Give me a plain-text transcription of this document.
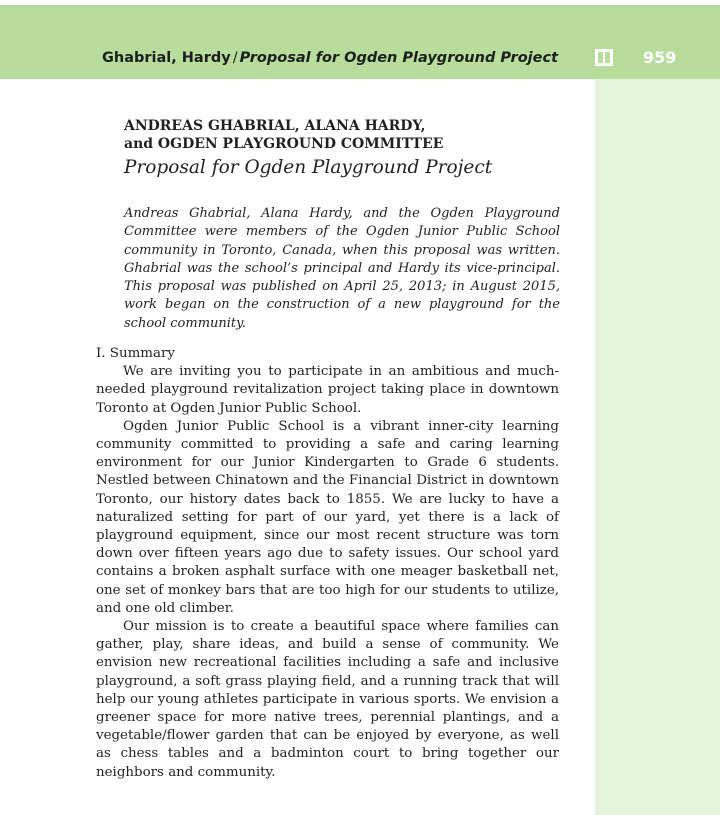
Ghabrial, Hardy / Proposal for Ogden Playground Project	959
ANDREAS GHABRIAL, ALANA HARDY,
and OGDEN PLAYGROUND COMMITTEE
Proposal for Ogden Playground Project
Andreas Ghabrial, Alana Hardy, and the Ogden Playground Committee were members of the Ogden Junior Public School community in Toronto, Canada, when this proposal was written. Ghabrial was the school’s principal and Hardy its vice-principal. This proposal was published on April 25, 2013; in August 2015, work began on the construction of a new playground for the school community.

I. Summary

We are inviting you to participate in an ambitious and much-needed playground revitalization project taking place in downtown Toronto at Ogden Junior Public School.

Ogden Junior Public School is a vibrant inner-city learning community committed to providing a safe and caring learning environment for our Junior Kindergarten to Grade 6 students. Nestled between Chinatown and the Financial District in downtown Toronto, our history dates back to 1855. We are lucky to have a naturalized setting for part of our yard, yet there is a lack of playground equipment, since our most recent structure was torn down over fifteen years ago due to safety issues. Our school yard contains a broken asphalt surface with one meager basketball net, one set of monkey bars that are too high for our students to utilize, and one old climber.

Our mission is to create a beautiful space where families can gather, play, share ideas, and build a sense of community. We envision new recreational facilities including a safe and inclusive playground, a soft grass playing field, and a running track that will help our young athletes participate in various sports. We envision a greener space for more native trees, perennial plantings, and a vegetable/flower garden that can be enjoyed by everyone, as well as chess tables and a badminton court to bring together our neighbors and community.
